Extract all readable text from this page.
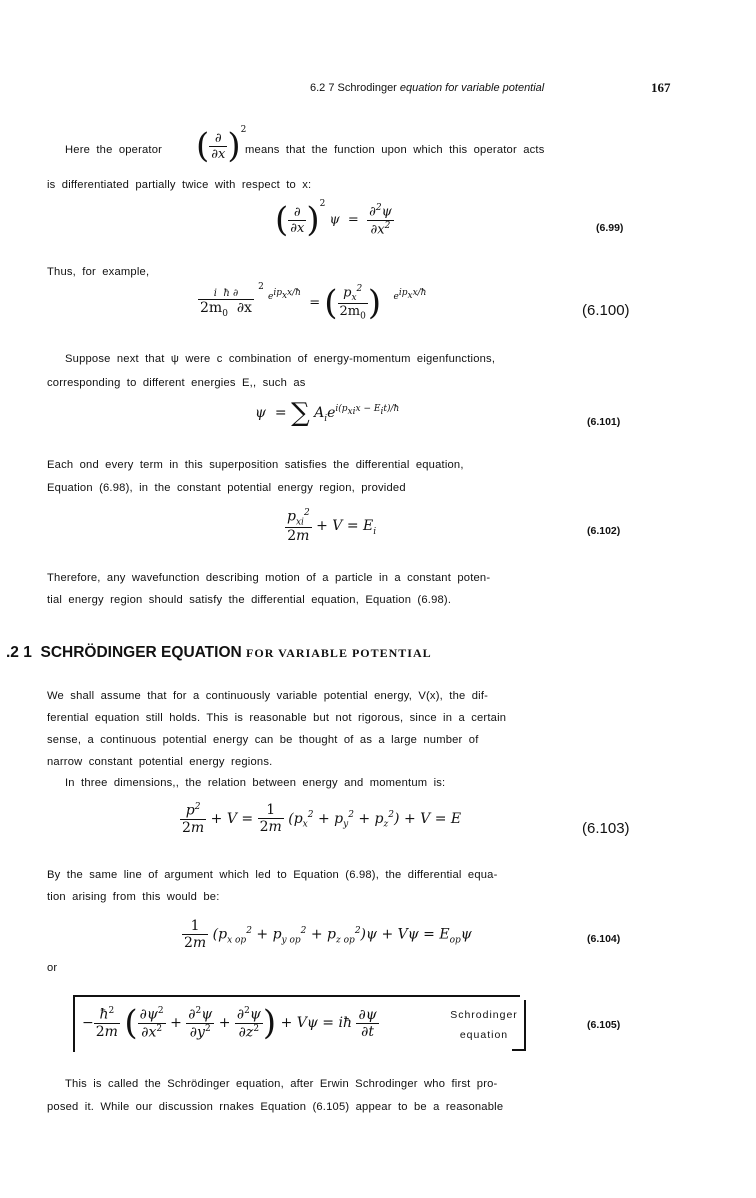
6.2 7 Schrodinger equation for variable potential	167
Here the operator ( $\frac{\partial}{\partial x} )^2$
means that the function upon which this operator acts
is differentiated partially twice with respect to x:
( $\frac{\partial}{\partial x} )^2$ $\psi = \frac{\partial^2\psi}{\partial x^2}$	(6.99)
Thus, for example,
$\frac{\text{i  ħ ∂}}{2m_0 \partial x}$
$^2$ $^{e^{ip_xx/ħ}}$  = ( $\frac{p_x^2}{2m_0}$ ) $^{e^{ip_xx/ħ}}$
(6.100)
Suppose next that ψ were c combination of energy-momentum eigenfunctions,
corresponding to different energies E,, such as
ψ  = ∑ $A_ie^{i(p_{xi}x - E_it)/ħ}$
(6.101)
Each ond every term in this superposition satisfies the differential equation,
Equation (6.98), in the constant potential energy region, provided
$\frac{p_{xi}^2}{2m} + V = E_i$	(6.102)
Therefore, any wavefunction describing motion of a particle in a constant poten-
tial energy region should satisfy the differential equation, Equation (6.98).
.2 1 SCHRÖDINGER EQUATION FOR VARIABLE POTENTIAL
We shall assume that for a continuously variable potential energy, V(x), the dif-
ferential equation still holds. This is reasonable but not rigorous, since in a certain
sense, a continuous potential energy can be thought of as a large number of
narrow constant potential energy regions.
In three dimensions,, the relation between energy and momentum is:
$\frac{p^2}{2m} + V = \frac{1}{2m} (p_x^2 + p_y^2 + p_z^2) + V = E$
(6.103)
By the same line of argument which led to Equation (6.98), the differential equa-
tion arising from this would be:
$\frac{1}{2m} (p_{x op}^2 + p_{y op}^2 + p_{z op}^2)\psi + V\psi = E_{op}\psi$	(6.104)
or
− $\frac{ħ^2}{2m}$ ( $\frac{\partial\psi^2}{\partial x^2} + \frac{\partial^2\psi}{\partial y^2} + \frac{\partial^2\psi}{\partial z^2}$ ) + Vψ = iħ $\frac{\partial\psi}{\partial t}$	Schrodinger
equation
(6.105)
This is called the Schrödinger equation, after Erwin Schrodinger who first pro-
posed it. While our discussion rnakes Equation (6.105) appear to be a reasonable
